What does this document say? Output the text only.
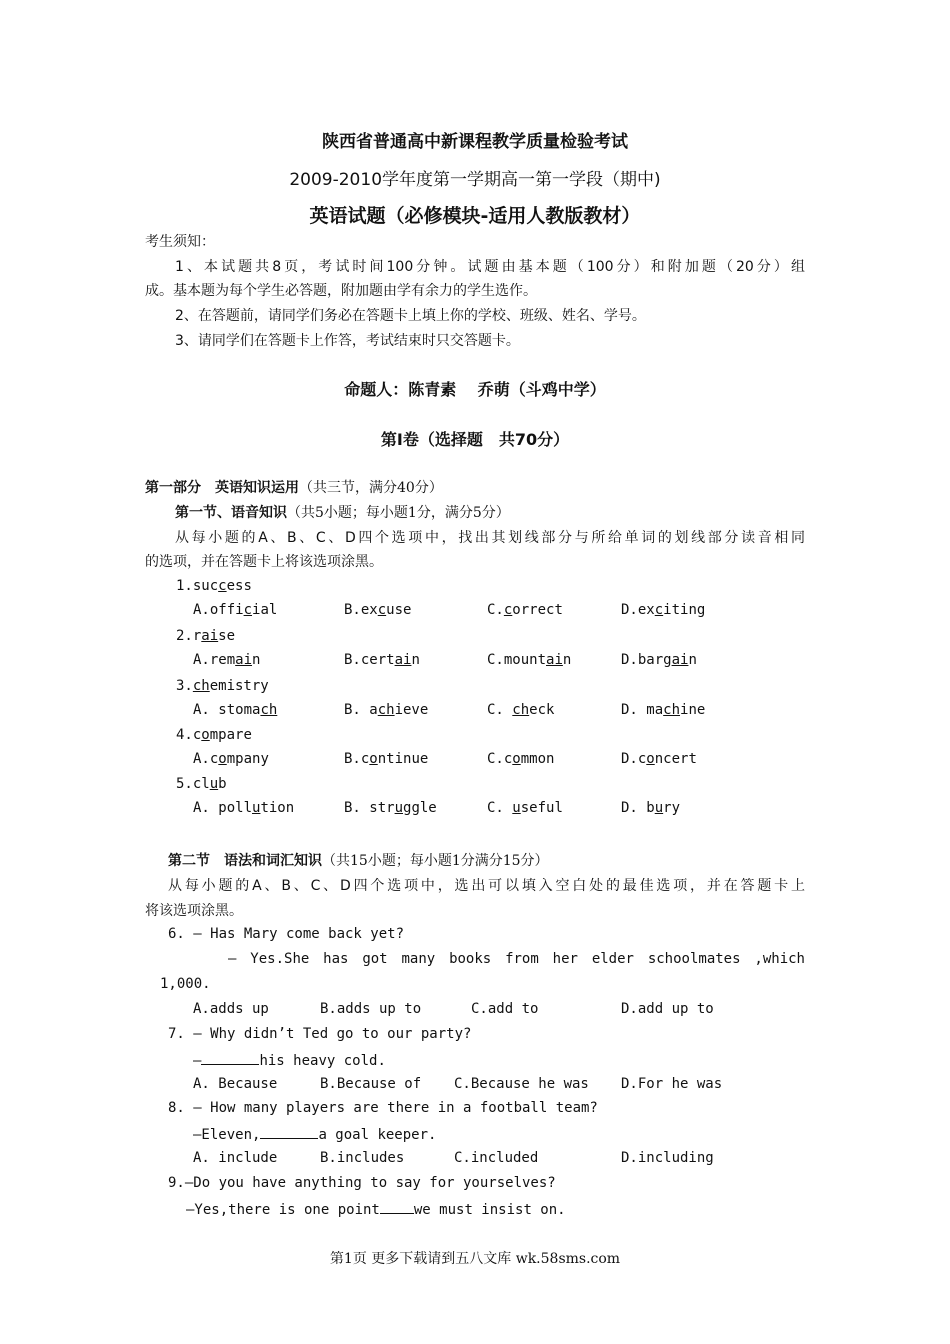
陕西省普通高中新课程教学质量检验考试
2009-2010学年度第一学期高一第一学段（期中)
英语试题（必修模块-适用人教版教材）
考生须知：
1、本试题共8页，考试时间100分钟。试题由基本题（100分）和附加题（20分）组
成。基本题为每个学生必答题，附加题由学有余力的学生选作。
2、在答题前，请同学们务必在答题卡上填上你的学校、班级、姓名、学号。
3、请同学们在答题卡上作答，考试结束时只交答题卡。
命题人：陈青素　 乔萌（斗鸡中学）
第Ⅰ卷（选择题　共70分）
第一部分　英语知识运用（共三节，满分40分）
第一节、语音知识（共5小题；每小题1分，满分5分）
从每小题的A、B、C、D四个选项中，找出其划线部分与所给单词的划线部分读音相同
的选项，并在答题卡上将该选项涂黑。
1.success
A.official	B.excuse	C.correct	D.exciting
2.raise
A.remain	B.certain	C.mountain	D.bargain
3.chemistry
A. stomach	B. achieve	C. check	D. machine
4.compare
A.company	B.continue	C.common	D.concert
5.club
A. pollution	B. struggle	C. useful	D. bury
第二节　语法和词汇知识（共15小题；每小题1分满分15分）
从每小题的A、B、C、D四个选项中，选出可以填入空白处的最佳选项，并在答题卡上
将该选项涂黑。
6. — Has Mary come back yet?
— Yes.She has got many books from her elder schoolmates ,which
1,000.
A.adds up	B.adds up to	C.add to	D.add up to
7. — Why didn’t Ted go to our party?
—	his heavy cold.
A. Because	B.Because of C.Because he was D.For he was
8. — How many players are there in a football team?
—Eleven,	a goal keeper.
A. include	B.includes	C.included	D.including
9.—Do you have anything to say for yourselves?
—Yes,there is one point we must insist on.
第1页 更多下载请到五八文库 wk.58sms.com
